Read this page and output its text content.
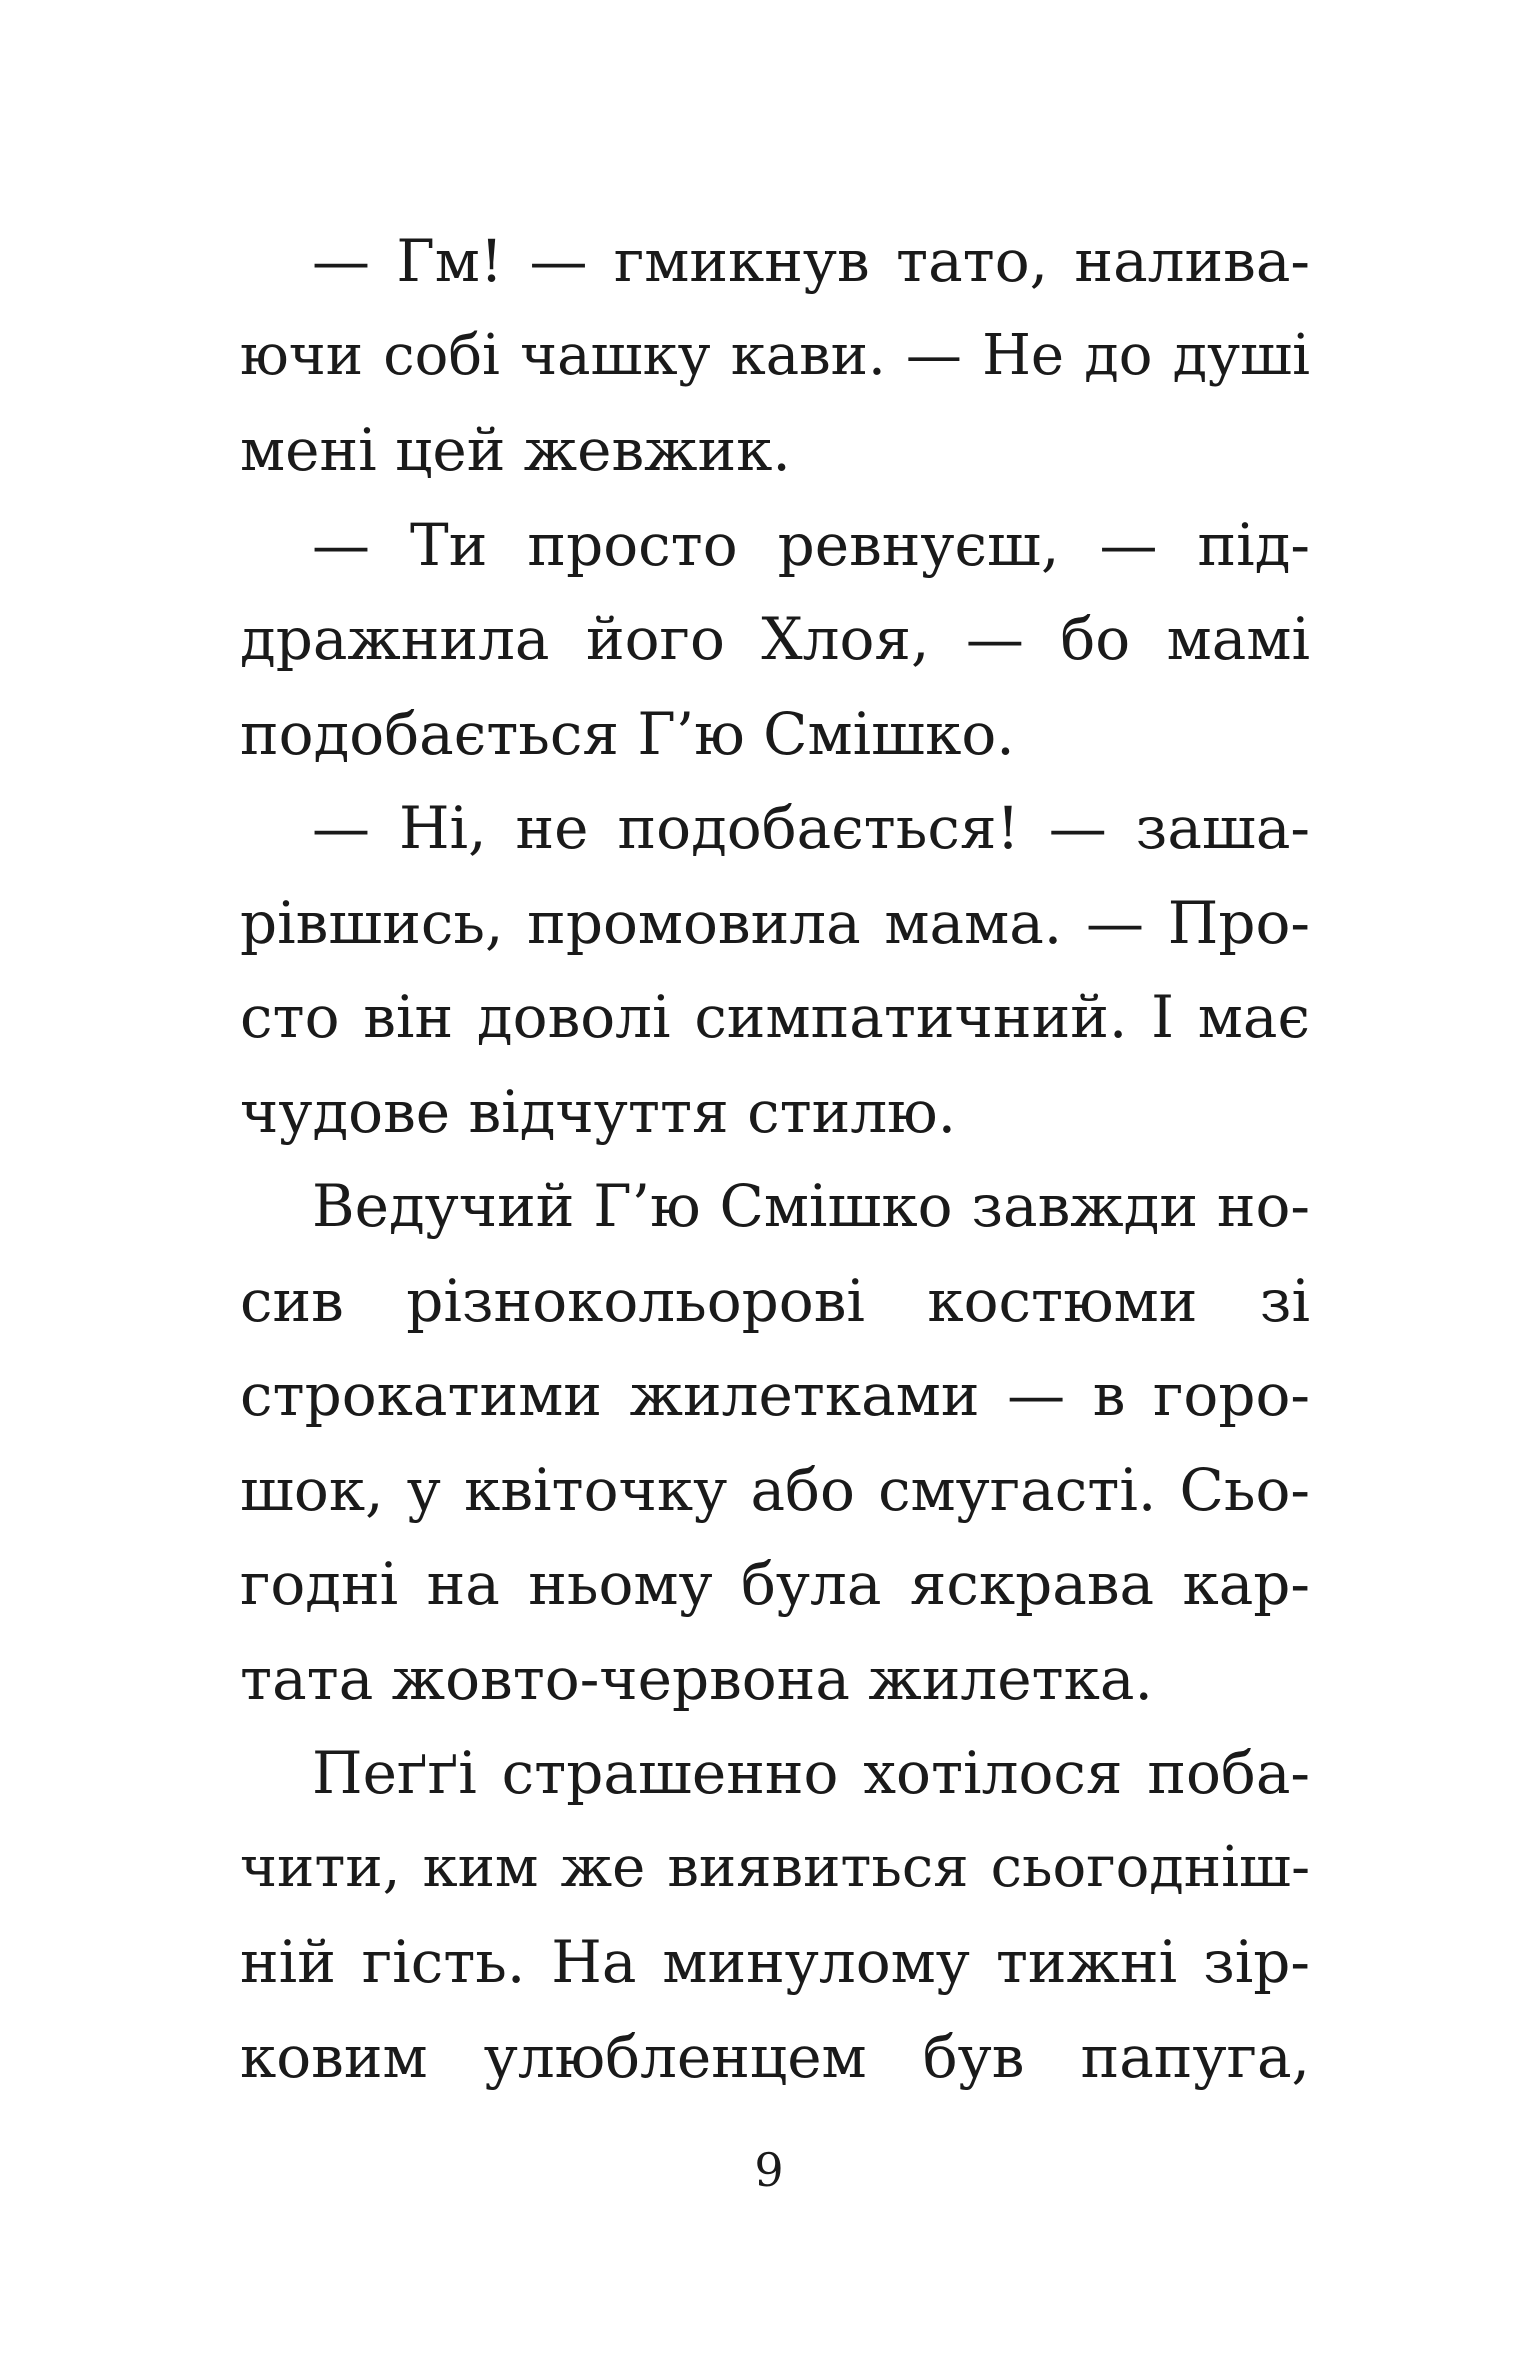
— Гм! — гмикнув тато, налива-
ючи собі чашку кави. — Не до душі
мені цей жевжик.
— Ти просто ревнуєш, — під-
дражнила його Хлоя, — бо мамі
подобається Г’ю Смішко.
— Ні, не подобається! — заша-
рівшись, промовила мама. — Про-
сто він доволі симпатичний. І має
чудове відчуття стилю.
Ведучий Г’ю Смішко завжди но-
сив різнокольорові костюми зі
строкатими жилетками — в горо-
шок, у квіточку або смугасті. Сьо-
годні на ньому була яскрава кар-
тата жовто-червона жилетка.
Пеґґі страшенно хотілося поба-
чити, ким же виявиться сьогоднiш-
ній гість. На минулому тижні зір-
ковим улюбленцем був папуга,
9
